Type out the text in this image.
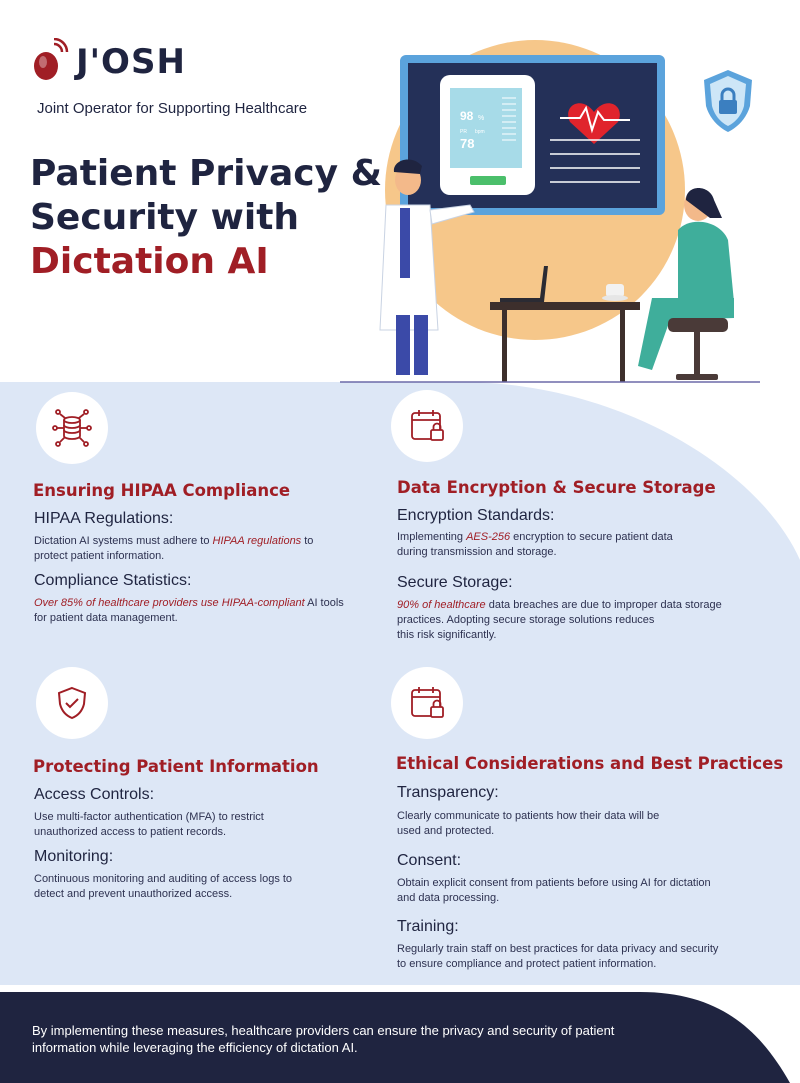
J'OSH
Joint Operator for Supporting Healthcare
Patient Privacy &
Security with
Dictation AI
98 %
PR bpm
78
Ensuring HIPAA Compliance
HIPAA Regulations:
Dictation AI systems must adhere to HIPAA regulations to
protect patient information.
Compliance Statistics:
Over 85% of healthcare providers use HIPAA-compliant AI tools
for patient data management.
Data Encryption & Secure Storage
Encryption Standards:
Implementing AES-256 encryption to secure patient data
during transmission and storage.
Secure Storage:
90% of healthcare data breaches are due to improper data storage
practices. Adopting secure storage solutions reduces
this risk significantly.
Protecting Patient Information
Access Controls:
Use multi-factor authentication (MFA) to restrict
unauthorized access to patient records.
Monitoring:
Continuous monitoring and auditing of access logs to
detect and prevent unauthorized access.
Ethical Considerations and Best Practices
Transparency:
Clearly communicate to patients how their data will be
used and protected.
Consent:
Obtain explicit consent from patients before using AI for dictation
and data processing.
Training:
Regularly train staff on best practices for data privacy and security
to ensure compliance and protect patient information.
By implementing these measures, healthcare providers can ensure the privacy and security of patient information while leveraging the efficiency of dictation AI.
